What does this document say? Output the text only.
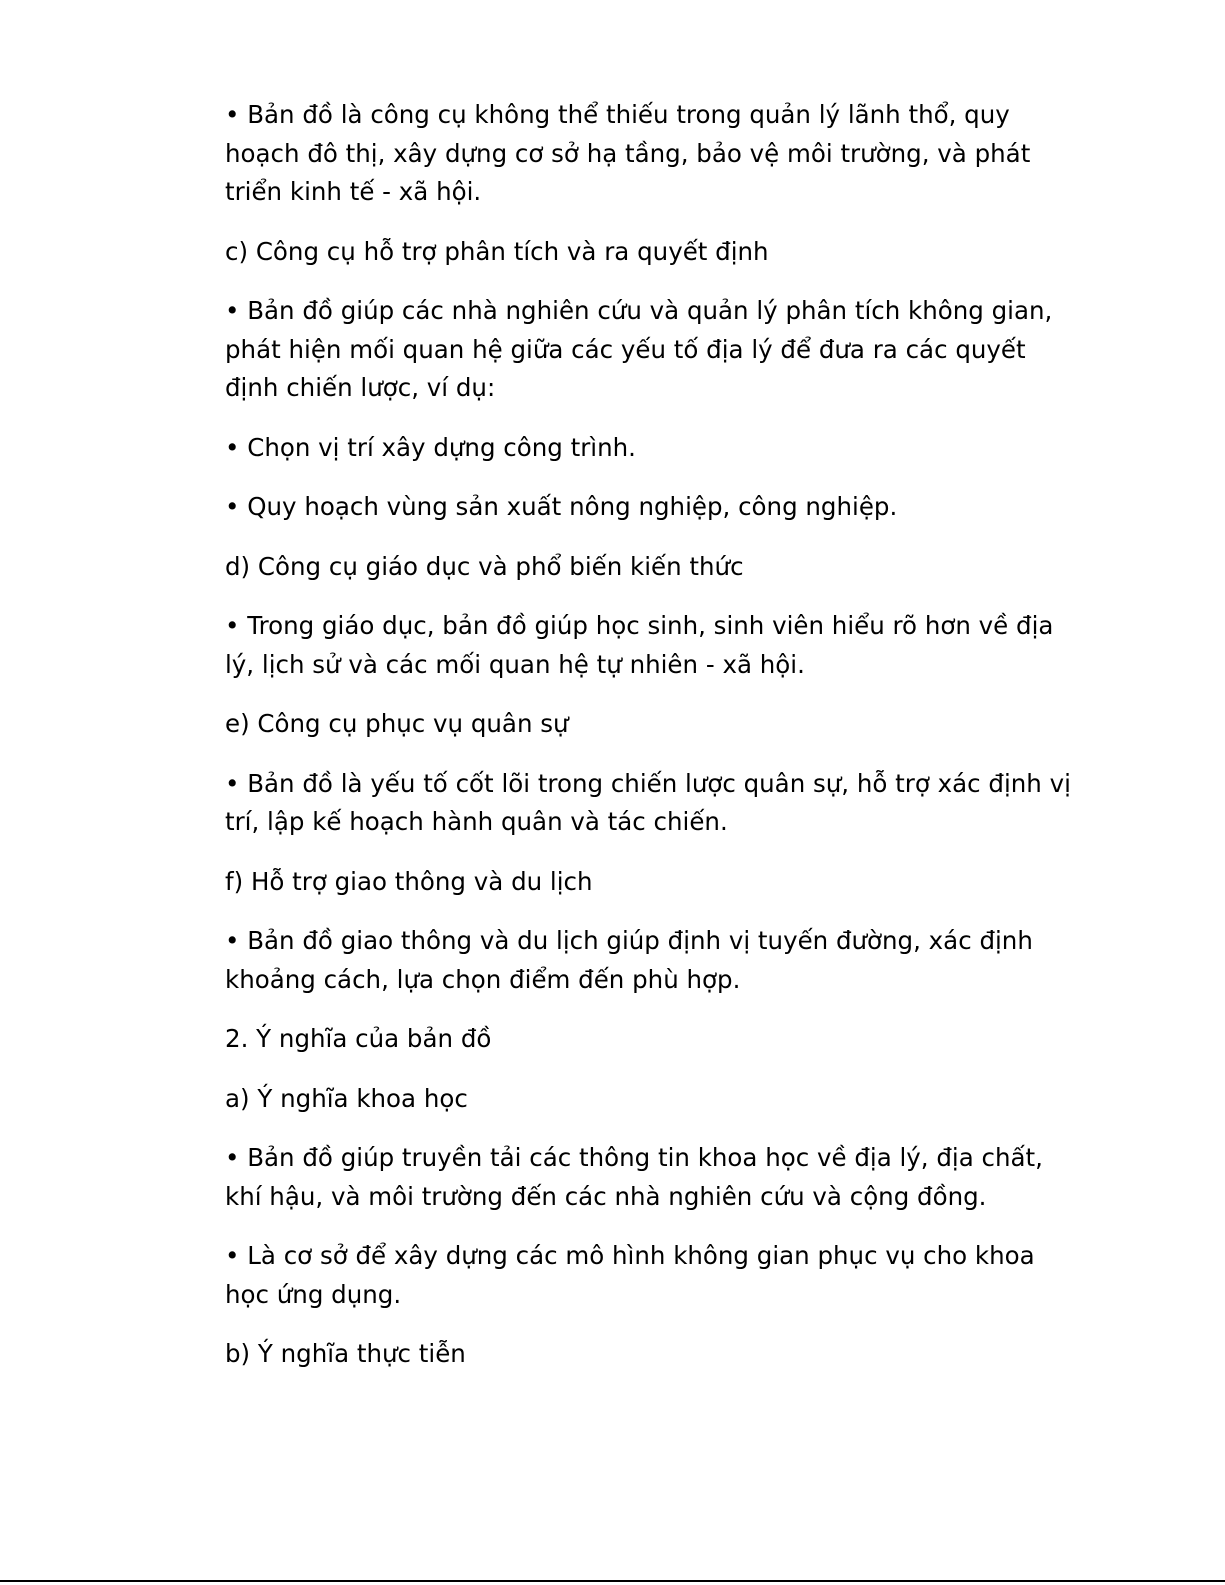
• Bản đồ là công cụ không thể thiếu trong quản lý lãnh thổ, quy hoạch đô thị, xây dựng cơ sở hạ tầng, bảo vệ môi trường, và phát triển kinh tế - xã hội.

c) Công cụ hỗ trợ phân tích và ra quyết định

• Bản đồ giúp các nhà nghiên cứu và quản lý phân tích không gian, phát hiện mối quan hệ giữa các yếu tố địa lý để đưa ra các quyết định chiến lược, ví dụ:

• Chọn vị trí xây dựng công trình.

• Quy hoạch vùng sản xuất nông nghiệp, công nghiệp.

d) Công cụ giáo dục và phổ biến kiến thức

• Trong giáo dục, bản đồ giúp học sinh, sinh viên hiểu rõ hơn về địa lý, lịch sử và các mối quan hệ tự nhiên - xã hội.

e) Công cụ phục vụ quân sự

• Bản đồ là yếu tố cốt lõi trong chiến lược quân sự, hỗ trợ xác định vị trí, lập kế hoạch hành quân và tác chiến.

f) Hỗ trợ giao thông và du lịch

• Bản đồ giao thông và du lịch giúp định vị tuyến đường, xác định khoảng cách, lựa chọn điểm đến phù hợp.

2. Ý nghĩa của bản đồ

a) Ý nghĩa khoa học

• Bản đồ giúp truyền tải các thông tin khoa học về địa lý, địa chất, khí hậu, và môi trường đến các nhà nghiên cứu và cộng đồng.

• Là cơ sở để xây dựng các mô hình không gian phục vụ cho khoa học ứng dụng.

b) Ý nghĩa thực tiễn
